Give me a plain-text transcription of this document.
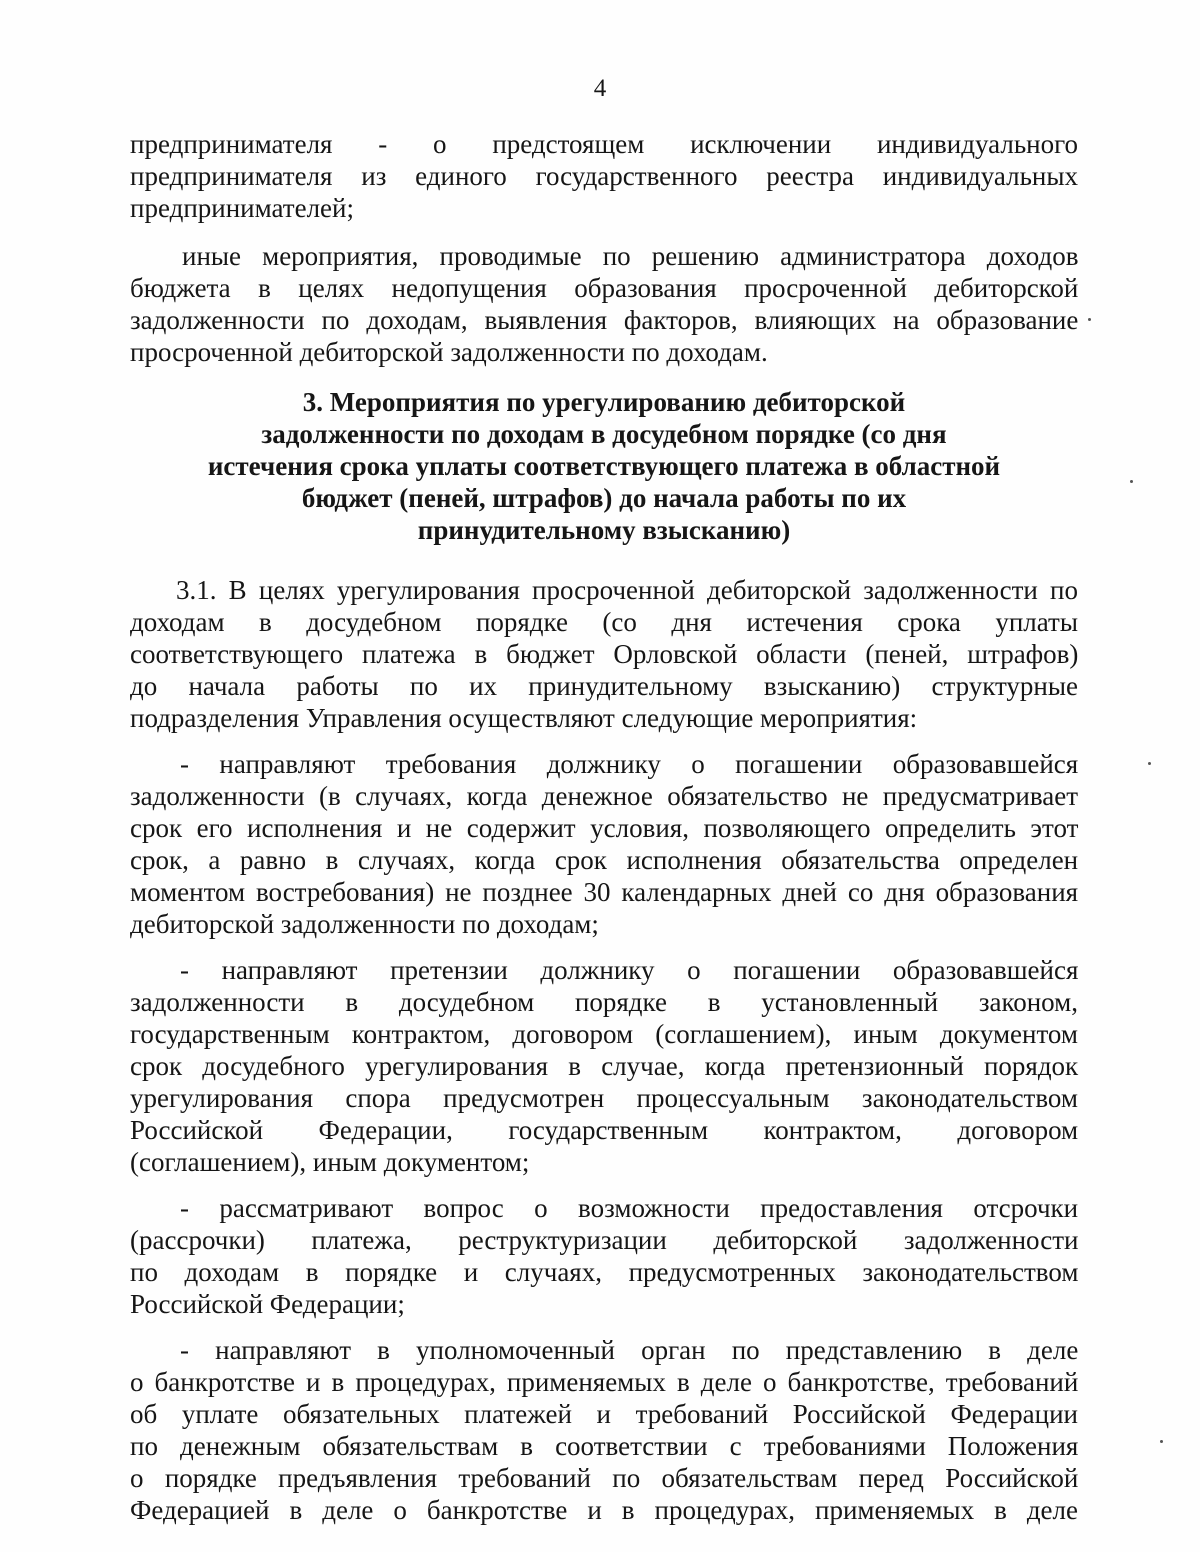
4
предпринимателя - о предстоящем исключении индивидуального
предпринимателя из единого государственного реестра индивидуальных
предпринимателей;
иные мероприятия, проводимые по решению администратора доходов
бюджета в целях недопущения образования просроченной дебиторской
задолженности по доходам, выявления факторов, влияющих на образование
просроченной дебиторской задолженности по доходам.
3. Мероприятия по урегулированию дебиторской
задолженности по доходам в досудебном порядке (со дня
истечения срока уплаты соответствующего платежа в областной
бюджет (пеней, штрафов) до начала работы по их
принудительному взысканию)
3.1. В целях урегулирования просроченной дебиторской задолженности по
доходам в досудебном порядке (со дня истечения срока уплаты
соответствующего платежа в бюджет Орловской области (пеней, штрафов)
до начала работы по их принудительному взысканию) структурные
подразделения Управления осуществляют следующие мероприятия:
- направляют требования должнику о погашении образовавшейся
задолженности (в случаях, когда денежное обязательство не предусматривает
срок его исполнения и не содержит условия, позволяющего определить этот
срок, а равно в случаях, когда срок исполнения обязательства определен
моментом востребования) не позднее 30 календарных дней со дня образования
дебиторской задолженности по доходам;
- направляют претензии должнику о погашении образовавшейся
задолженности в досудебном порядке в установленный законом,
государственным контрактом, договором (соглашением), иным документом
срок досудебного урегулирования в случае, когда претензионный порядок
урегулирования спора предусмотрен процессуальным законодательством
Российской Федерации, государственным контрактом, договором
(соглашением), иным документом;
- рассматривают вопрос о возможности предоставления отсрочки
(рассрочки) платежа, реструктуризации дебиторской задолженности
по доходам в порядке и случаях, предусмотренных законодательством
Российской Федерации;
- направляют в уполномоченный орган по представлению в деле
о банкротстве и в процедурах, применяемых в деле о банкротстве, требований
об уплате обязательных платежей и требований Российской Федерации
по денежным обязательствам в соответствии с требованиями Положения
о порядке предъявления требований по обязательствам перед Российской
Федерацией в деле о банкротстве и в процедурах, применяемых в деле
